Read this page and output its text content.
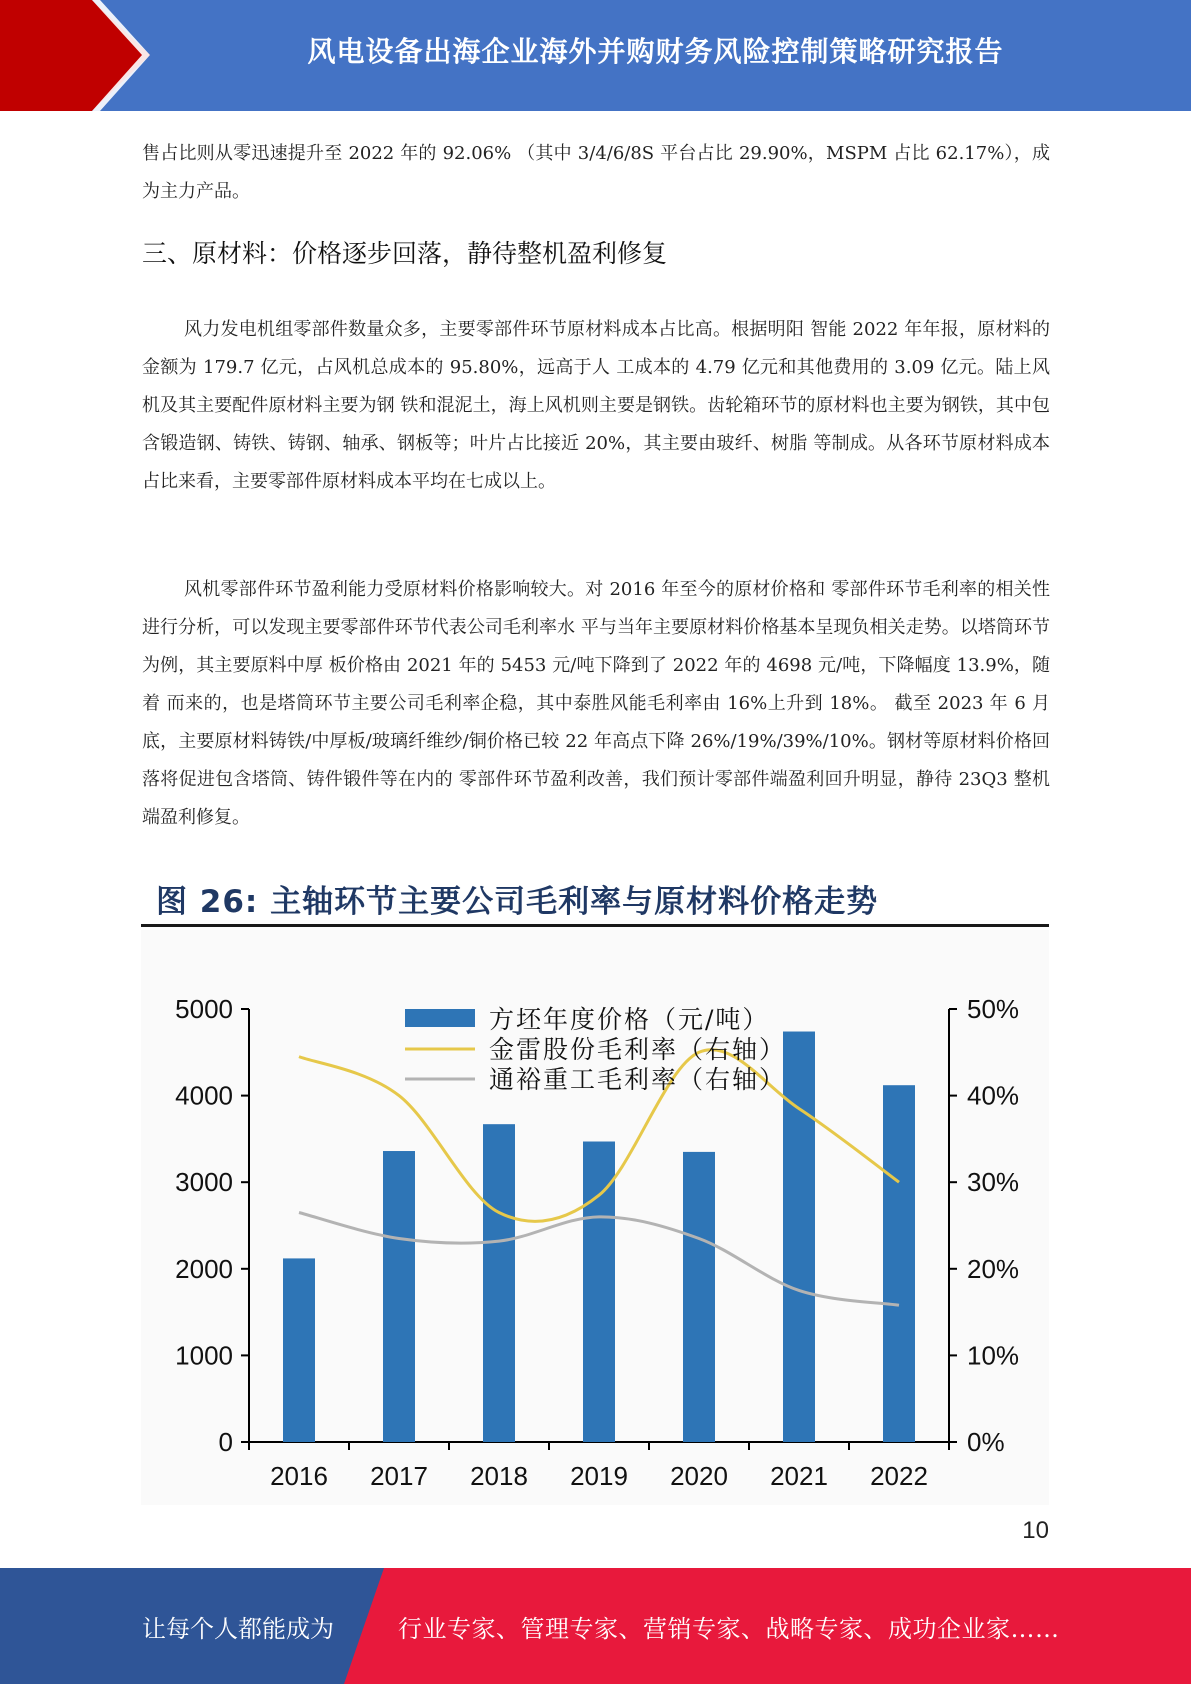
风电设备出海企业海外并购财务风险控制策略研究报告

售占比则从零迅速提升至 2022 年的 92.06% （其中 3/4/6/8S 平台占比 29.90%，MSPM 占比 62.17%），成为主力产品。

三、原材料：价格逐步回落，静待整机盈利修复

风力发电机组零部件数量众多，主要零部件环节原材料成本占比高。根据明阳 智能 2022 年年报，原材料的金额为 179.7 亿元，占风机总成本的 95.80%，远高于人 工成本的 4.79 亿元和其他费用的 3.09 亿元。陆上风机及其主要配件原材料主要为钢 铁和混泥土，海上风机则主要是钢铁。齿轮箱环节的原材料也主要为钢铁，其中包 含锻造钢、铸铁、铸钢、轴承、钢板等；叶片占比接近 20%，其主要由玻纤、树脂 等制成。从各环节原材料成本占比来看，主要零部件原材料成本平均在七成以上。

风机零部件环节盈利能力受原材料价格影响较大。对 2016 年至今的原材价格和 零部件环节毛利率的相关性进行分析，可以发现主要零部件环节代表公司毛利率水 平与当年主要原材料价格基本呈现负相关走势。以塔筒环节为例，其主要原料中厚 板价格由 2021 年的 5453 元/吨下降到了 2022 年的 4698 元/吨，下降幅度 13.9%，随着 而来的，也是塔筒环节主要公司毛利率企稳，其中泰胜风能毛利率由 16%上升到 18%。 截至 2023 年 6 月底，主要原材料铸铁/中厚板/玻璃纤维纱/铜价格已较 22 年高点下降 26%/19%/39%/10%。钢材等原材料价格回落将促进包含塔筒、铸件锻件等在内的 零部件环节盈利改善，我们预计零部件端盈利回升明显，静待 23Q3 整机端盈利修复。

图 26: 主轴环节主要公司毛利率与原材料价格走势
0
1000
2000
3000
4000
5000
0%
10%
20%
30%
40%
50%
2016 2017 2018 2019 2020 2021 2022
方坯年度价格（元/吨）
金雷股份毛利率（右轴）
通裕重工毛利率（右轴）
10
让每个人都能成为	行业专家、管理专家、营销专家、战略专家、成功企业家……
